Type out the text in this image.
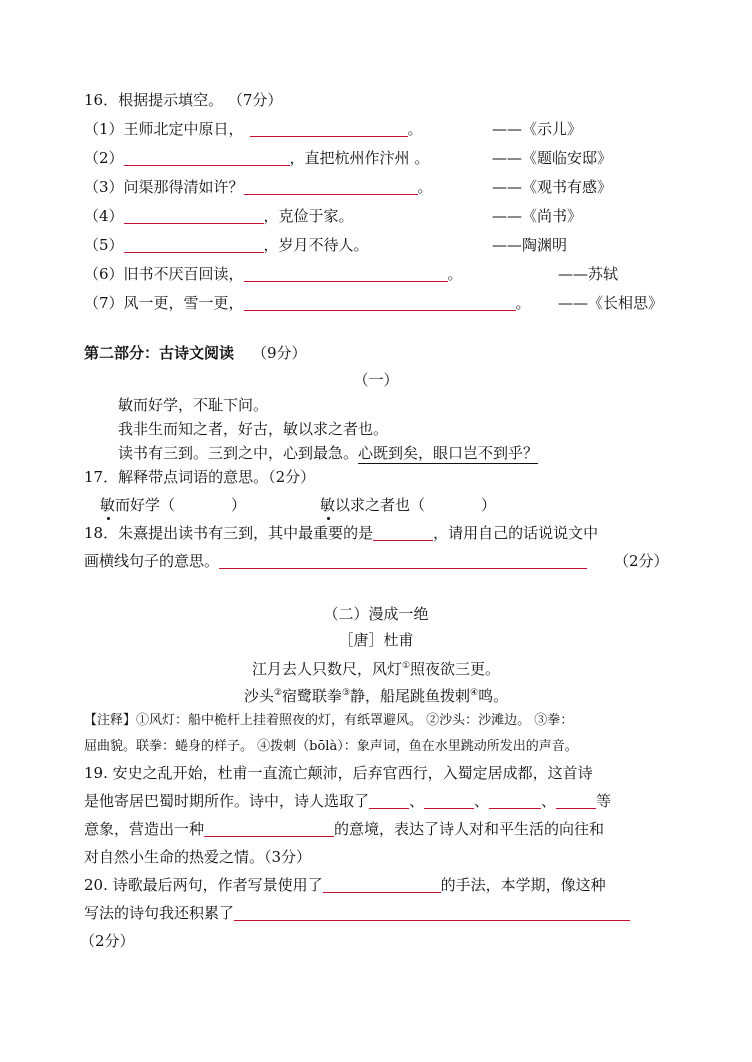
16．根据提示填空。 （7分）
（1）王师北定中原日，	。	——《示儿》
（2）	，直把杭州作汴州 。	——《题临安邸》
（3）问渠那得清如许？	。	——《观书有感》
（4）	，克俭于家。	——《尚书》
（5）	，岁月不待人。	——陶渊明
（6）旧书不厌百回读，	。	——苏轼
（7）风一更，雪一更，	。 ——《长相思》
第二部分：古诗文阅读 （9分）
（一）
敏而好学，不耻下问。
我非生而知之者，好古，敏以求之者也。
读书有三到。三到之中，心到最急。心既到矣，眼口岂不到乎？
17．解释带点词语的意思。（2分）
敏而好学（	）	敏以求之者也（	）
18．朱熹提出读书有三到，其中最重要的是	，请用自己的话说说文中
画横线句子的意思。	（2分）
（二）漫成一绝
［唐］杜甫
江月去人只数尺，风灯①照夜欲三更。
沙头②宿鹭联拳③静，船尾跳鱼拨剌④鸣。
【注释】①风灯：船中桅杆上挂着照夜的灯，有纸罩避风。 ②沙头：沙滩边。 ③拳：
屈曲貌。联拳：蜷身的样子。 ④拨刺（bōlà）：象声词，鱼在水里跳动所发出的声音。
19. 安史之乱开始，杜甫一直流亡颠沛，后弃官西行，入蜀定居成都，这首诗
是他寄居巴蜀时期所作。诗中，诗人选取了	、	、	、	等
意象，营造出一种	的意境，表达了诗人对和平生活的向往和
对自然小生命的热爱之情。（3分）
20. 诗歌最后两句，作者写景使用了	的手法，本学期，像这种
写法的诗句我还积累了
（2分）
